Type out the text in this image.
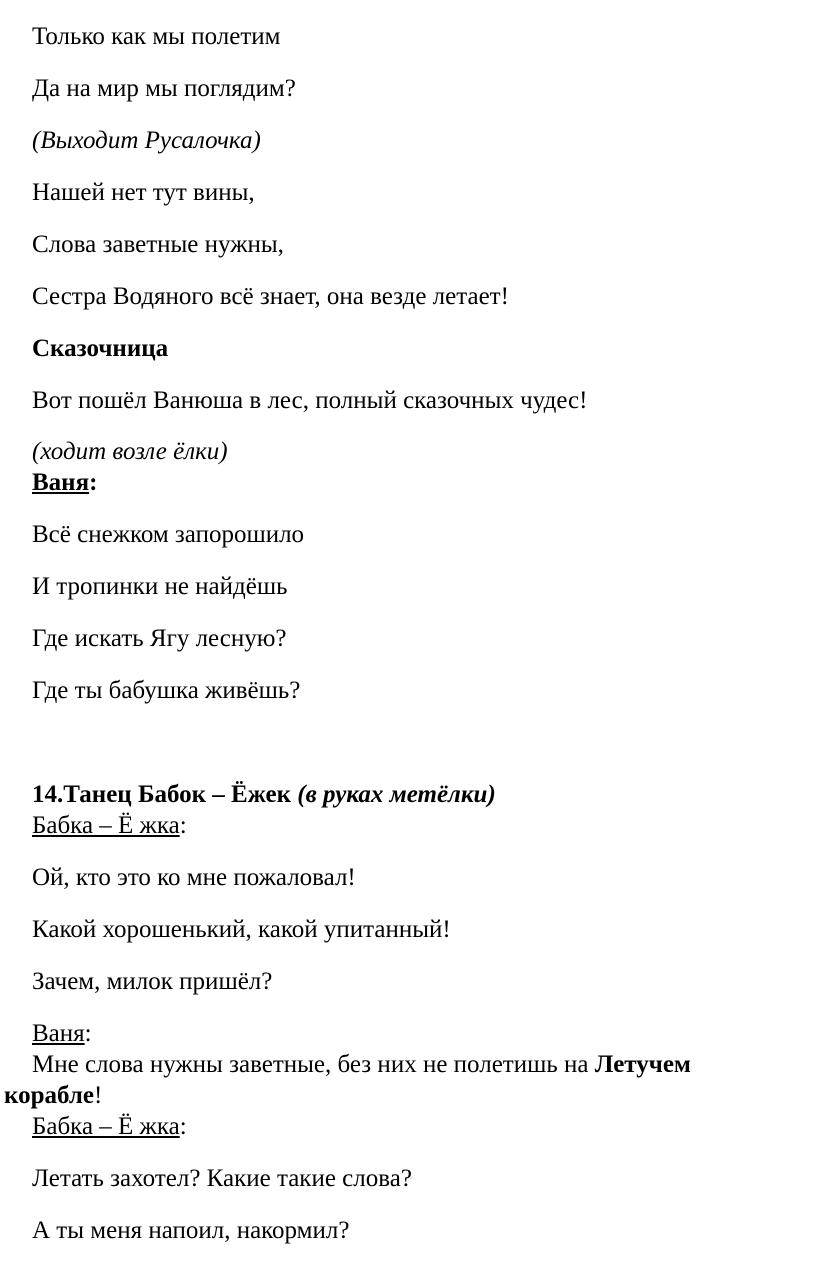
Только как мы полетим
Да на мир мы поглядим?
(Выходит Русалочка)
Нашей нет тут вины,
Слова заветные нужны,
Сестра Водяного всё знает, она везде летает!
Сказочница
Вот пошёл Ванюша в лес, полный сказочных чудес!
(ходит возле ёлки)
Ваня:
Всё снежком запорошило
И тропинки не найдёшь
Где искать Ягу лесную?
Где ты бабушка живёшь?
14.Танец Бабок – Ёжек (в руках метёлки)
Бабка – Ё жка:
Ой, кто это ко мне пожаловал!
Какой хорошенький, какой упитанный!
Зачем, милок пришёл?
Ваня:
Мне слова нужны заветные, без них не полетишь на Летучем
корабле!
Бабка – Ё жка:
Летать захотел? Какие такие слова?
А ты меня напоил, накормил?
